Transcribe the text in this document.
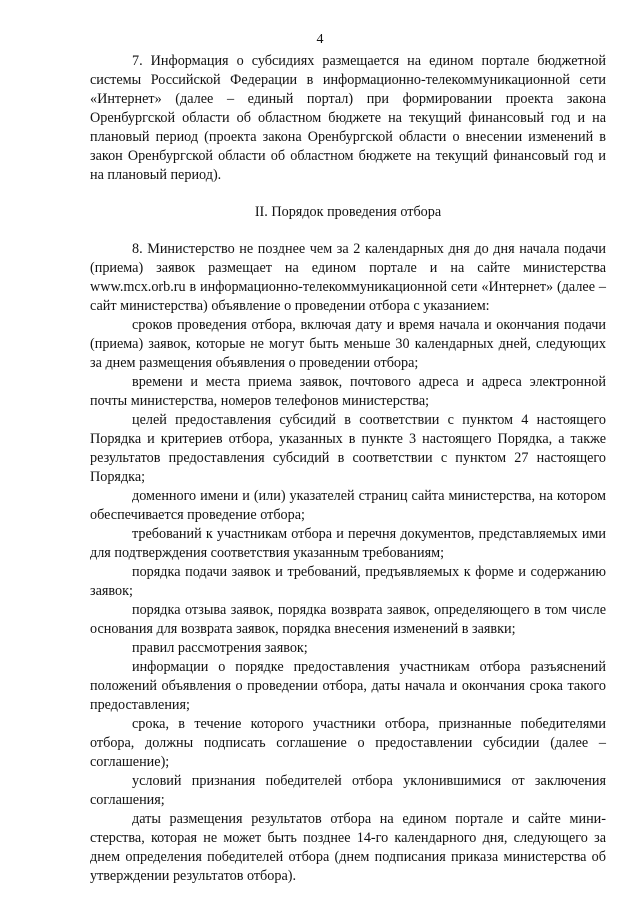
4

7. Информация о субсидиях размещается на едином портале бюджетной системы Российской Федерации в информационно-телекоммуникационной сети «Интернет» (далее – единый портал) при формировании проекта закона Оренбургской области об областном бюджете на текущий финансовый год и на плановый период (проекта закона Оренбургской области о внесении изменений в закон Оренбургской области об областном бюджете на текущий финансовый год и на плановый период).

II. Порядок проведения отбора

8. Министерство не позднее чем за 2 календарных дня до дня начала подачи (приема) заявок размещает на едином портале и на сайте министерства www.mcx.orb.ru в информационно-телекоммуникационной сети «Интернет» (далее – сайт министерства) объявление о проведении отбора с указанием:

сроков проведения отбора, включая дату и время начала и окончания подачи (приема) заявок, которые не могут быть меньше 30 календарных дней, следующих за днем размещения объявления о проведении отбора;

времени и места приема заявок, почтового адреса и адреса электронной почты министерства, номеров телефонов министерства;

целей предоставления субсидий в соответствии с пунктом 4 настоящего Порядка и критериев отбора, указанных в пункте 3 настоящего Порядка, а также результатов предоставления субсидий в соответствии с пунктом 27 настоящего Порядка;

доменного имени и (или) указателей страниц сайта министерства, на котором обеспечивается проведение отбора;

требований к участникам отбора и перечня документов, представляемых ими для подтверждения соответствия указанным требованиям;

порядка подачи заявок и требований, предъявляемых к форме и содержанию заявок;

порядка отзыва заявок, порядка возврата заявок, определяющего в том числе основания для возврата заявок, порядка внесения изменений в заявки;

правил рассмотрения заявок;

информации о порядке предоставления участникам отбора разъяснений положений объявления о проведении отбора, даты начала и окончания срока такого предоставления;

срока, в течение которого участники отбора, признанные победителями отбора, должны подписать соглашение о предоставлении субсидии (далее – соглашение);

условий признания победителей отбора уклонившимися от заключения соглашения;

даты размещения результатов отбора на едином портале и сайте министерства, которая не может быть позднее 14-го календарного дня, следующего за днем определения победителей отбора (днем подписания приказа министерства об утверждении результатов отбора).
